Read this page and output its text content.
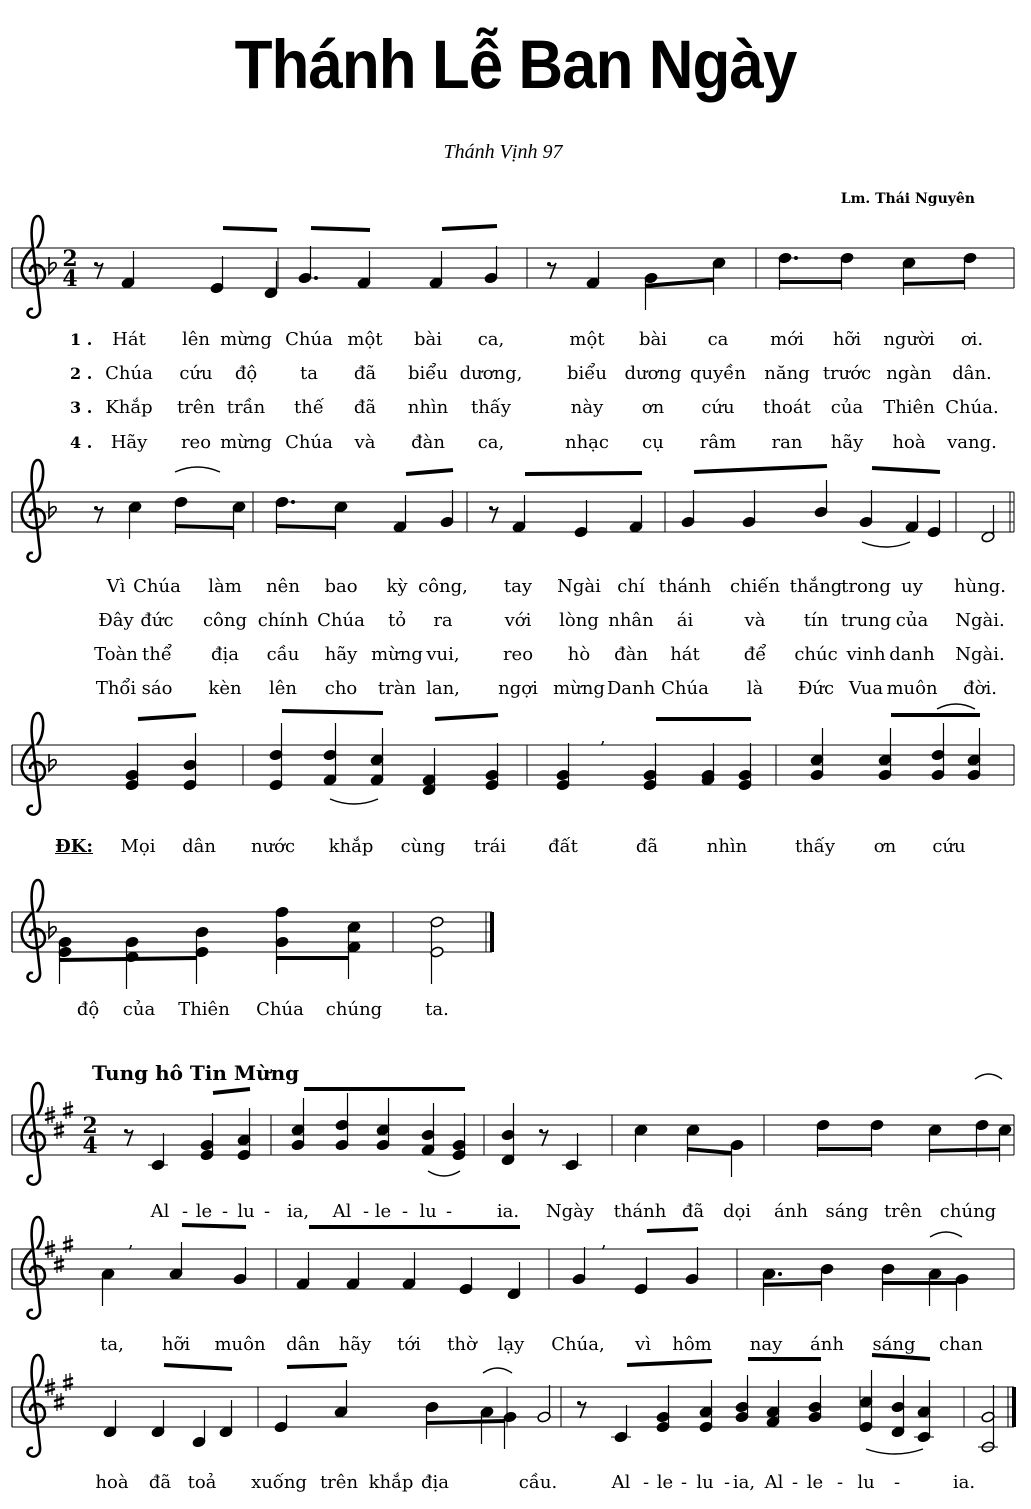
Thánh Lễ Ban Ngày
Thánh Vịnh 97
Lm. Thái Nguyên
Tung hô Tin Mừng
2
4
2
4
,
,	,
1 . Hát lên mừng Chúa một bài ca,	một bài ca mới hỡi người ơi.
Vì Chúa làm nên bao kỳ công, tay Ngài chí thánh chiến thắng
trong uy hùng.
2 . Chúa cứu độ ta đã biểu dương, biểu dương quyền năng trước ngàn dân.
Đây đức công chính Chúa tỏ ra	với lòng nhân ái	và tín trung của Ngài.
3 . Khắp trên trần thế đã nhìn thấy	này ơn cứu thoát của Thiên Chúa.
Toàn thể địa cầu hãy mừng vui, reo hò đàn hát để chúc vinh danh Ngài.
4 . Hãy reo mừng Chúa và đàn ca,	nhạc cụ râm ran hãy hoà vang.
Thổi sáo kèn lên cho tràn lan, ngợi mừng Danh Chúa là Đức Vua muôn đời.
ĐK: Mọi dân nước khắp cùng trái đất	đã	nhìn	thấy ơn cứu
độ của Thiên Chúa chúng ta.
Al - le - lu - ia, Al - le - lu - ia. Ngày thánh đã dọi ánh sáng trên chúng
ta, hỡi muôn dân hãy tới thờ lạy Chúa, vì hôm nay ánh sáng chan
hoà đã toả xuống trên khắp địa	cầu.	Al - le - lu - ia, Al - le - lu -	ia.
